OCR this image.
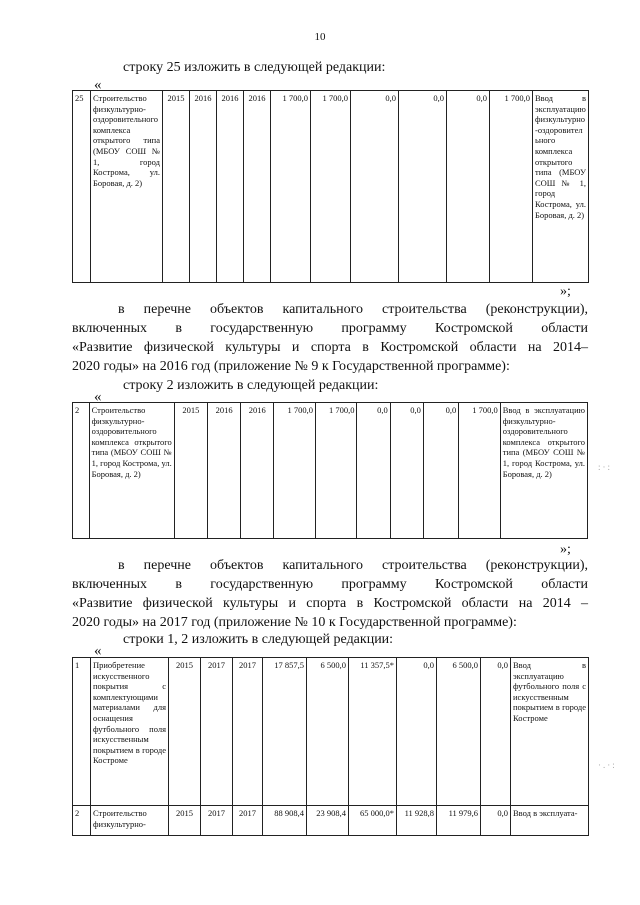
10
строку 25 изложить в следующей редакции:
«
25	Строительство физкультурно-оздоровительного комплекса открытого типа (МБОУ СОШ № 1, город Кострома, ул. Боровая, д. 2)	2015	2016	2016	2016	1 700,0	1 700,0	0,0	0,0	0,0	1 700,0	Ввод в эксплуатацию физкультурно-оздоровительного комплекса открытого типа (МБОУ СОШ № 1, город Кострома, ул. Боровая, д. 2)
»;
в перечне объектов капитального строительства (реконструкции),
включенных в государственную программу Костромской области
«Развитие физической культуры и спорта в Костромской области на 2014–
2020 годы» на 2016 год (приложение № 9 к Государственной программе):
строку 2 изложить в следующей редакции:
«
2	Строительство физкультурно-оздоровительного комплекса открытого типа (МБОУ СОШ № 1, город Кострома, ул. Боровая, д. 2)	2015	2016	2016	1 700,0	1 700,0	0,0	0,0	0,0	1 700,0	Ввод в эксплуатацию физкультурно-оздоровительного комплекса открытого типа (МБОУ СОШ № 1, город Кострома, ул. Боровая, д. 2)
»;
в перечне объектов капитального строительства (реконструкции),
включенных в государственную программу Костромской области
«Развитие физической культуры и спорта в Костромской области на 2014 –
2020 годы» на 2017 год (приложение № 10 к Государственной программе):
строки 1, 2 изложить в следующей редакции:
«
1	Приобретение искусственного покрытия с комплектующими материалами для оснащения футбольного поля искусственным покрытием в городе Костроме	2015	2017	2017	17 857,5	6 500,0	11 357,5*	0,0	6 500,0	0,0	Ввод в эксплуатацию футбольного поля с искусственным покрытием в городе Костроме
2	Строительство физкультурно-	2015	2017	2017	88 908,4	23 908,4	65 000,0*	11 928,8	11 979,6	0,0	Ввод в эксплуата-
:·:
·.·:
